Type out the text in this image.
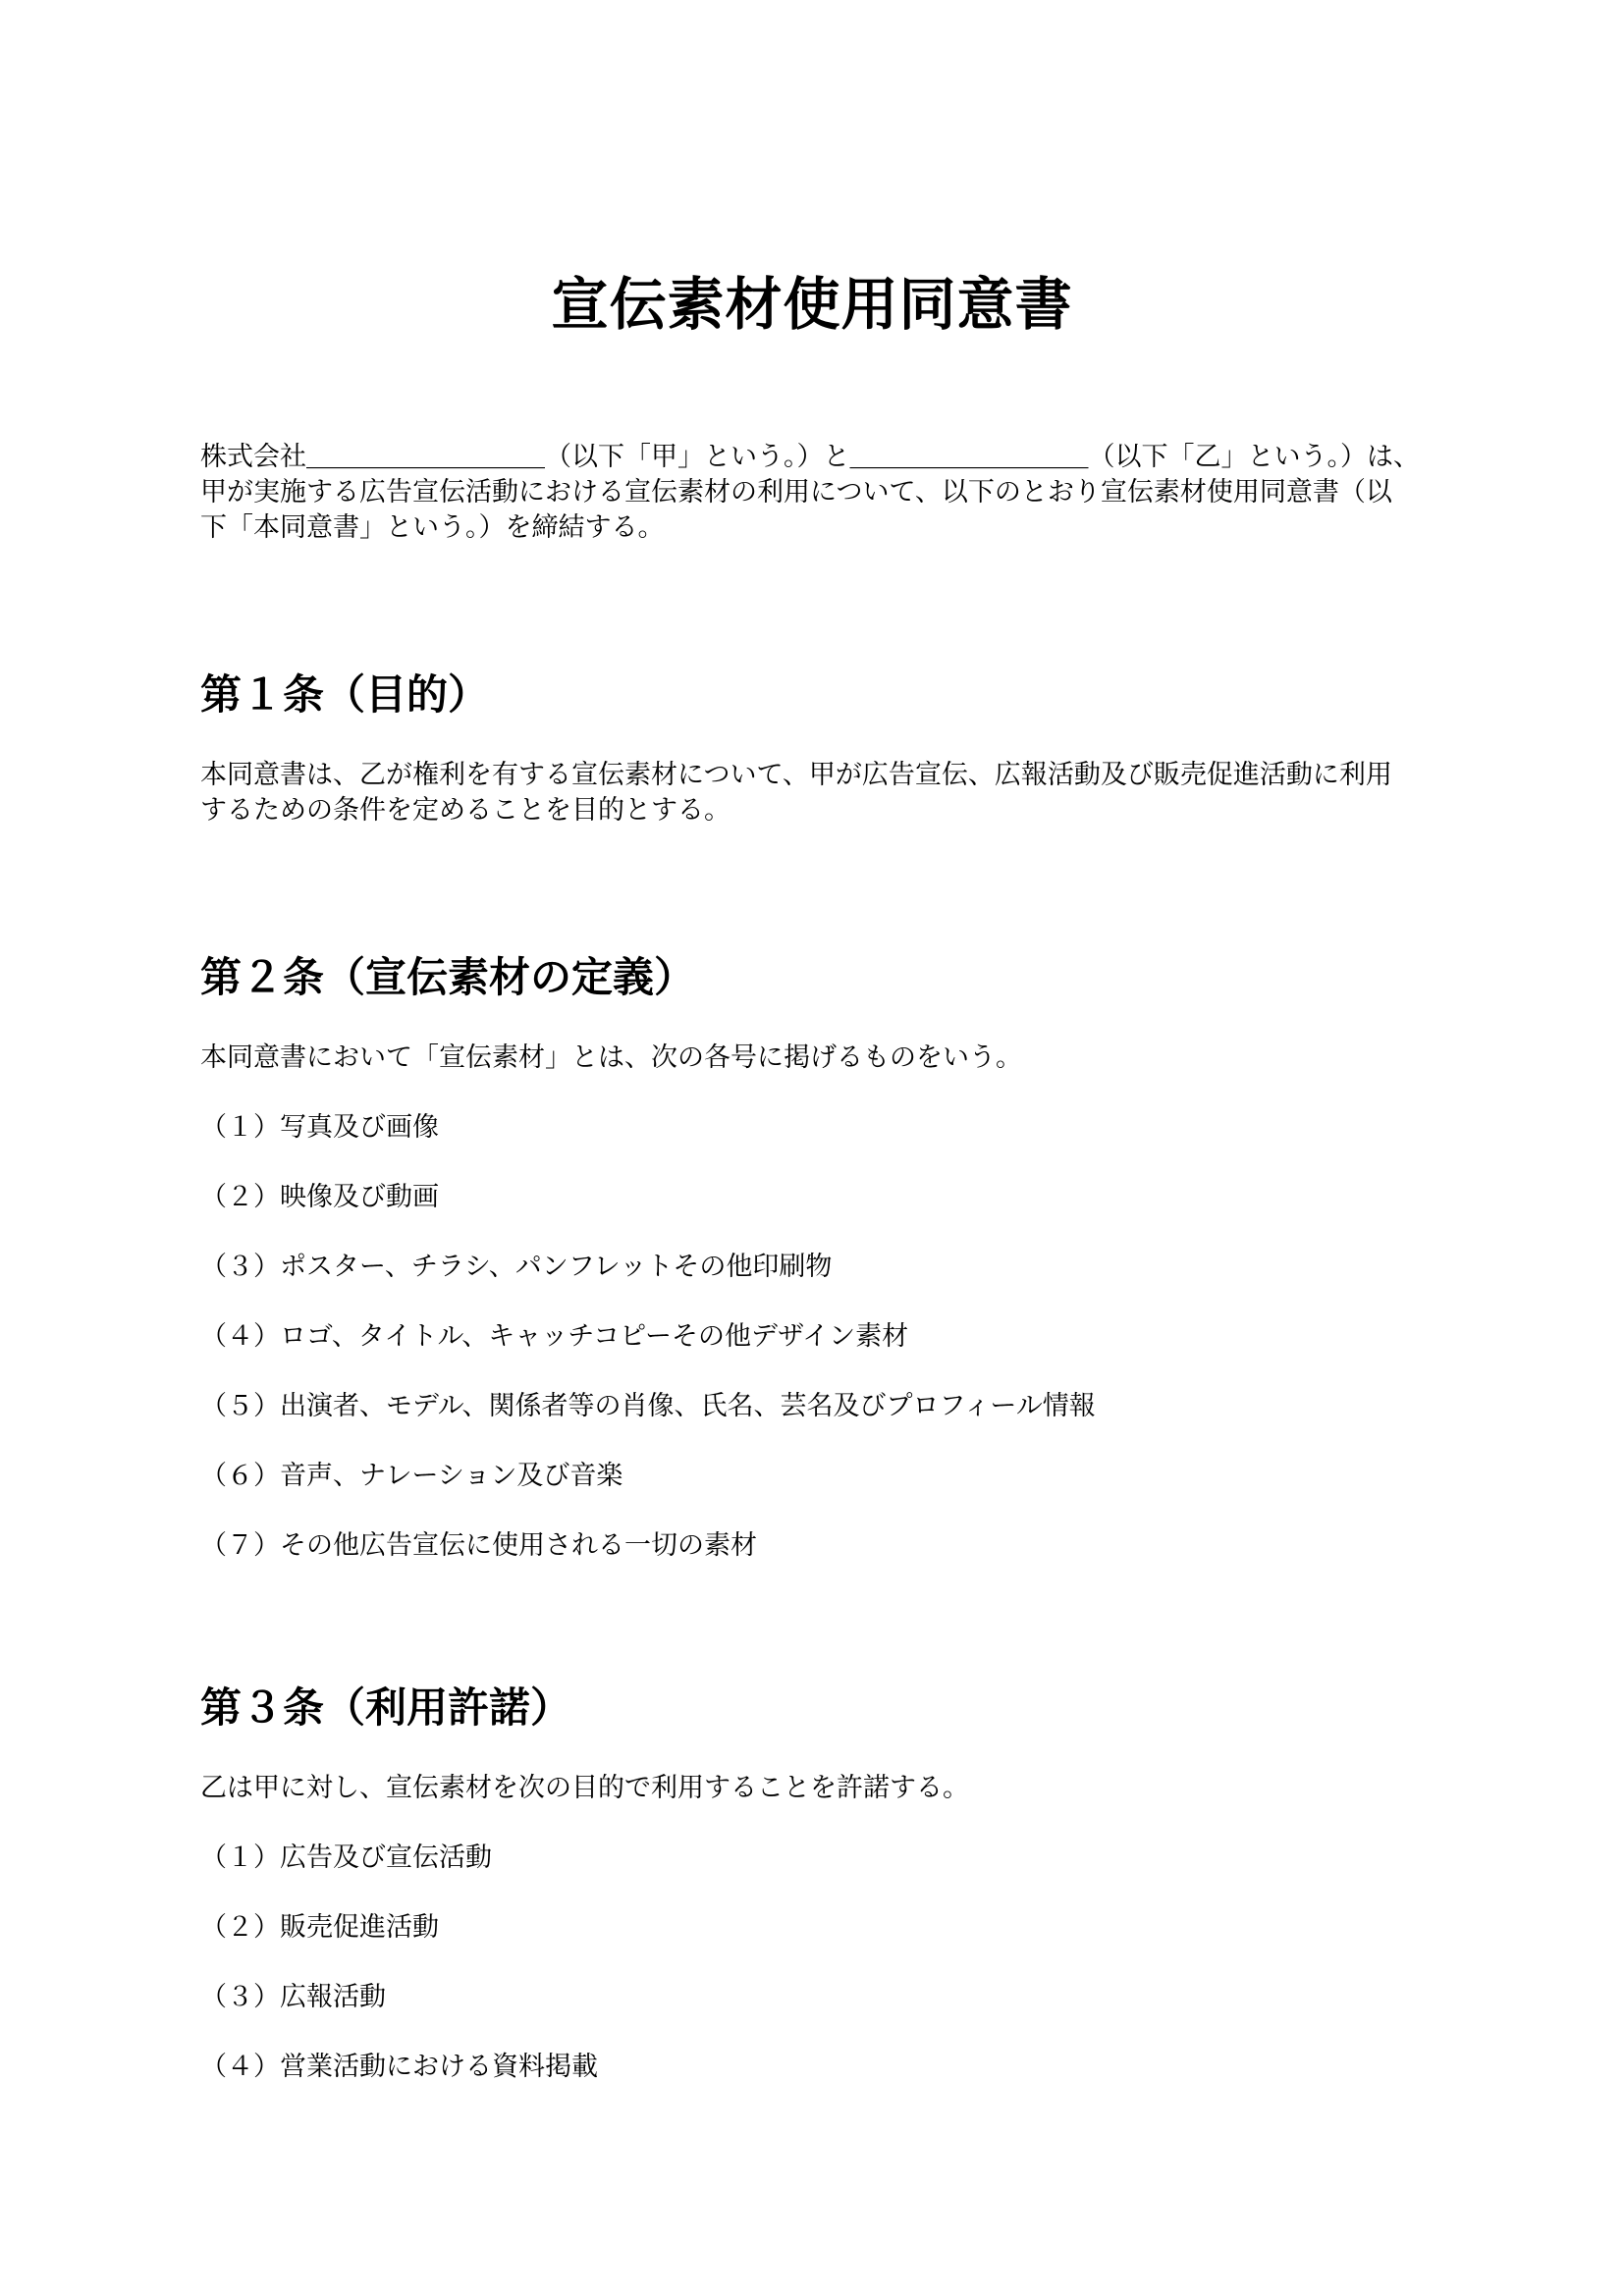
宣伝素材使用同意書

株式会社＿＿＿＿＿＿＿＿＿（以下「甲」という。）と＿＿＿＿＿＿＿＿＿（以下「乙」という。）は、
甲が実施する広告宣伝活動における宣伝素材の利用について、以下のとおり宣伝素材使用同意書（以
下「本同意書」という。）を締結する。

第１条（目的）

本同意書は、乙が権利を有する宣伝素材について、甲が広告宣伝、広報活動及び販売促進活動に利用

するための条件を定めることを目的とする。

第２条（宣伝素材の定義）

本同意書において「宣伝素材」とは、次の各号に掲げるものをいう。

（１）写真及び画像

（２）映像及び動画

（３）ポスター、チラシ、パンフレットその他印刷物

（４）ロゴ、タイトル、キャッチコピーその他デザイン素材

（５）出演者、モデル、関係者等の肖像、氏名、芸名及びプロフィール情報

（６）音声、ナレーション及び音楽

（７）その他広告宣伝に使用される一切の素材

第３条（利用許諾）

乙は甲に対し、宣伝素材を次の目的で利用することを許諾する。

（１）広告及び宣伝活動

（２）販売促進活動

（３）広報活動

（４）営業活動における資料掲載
